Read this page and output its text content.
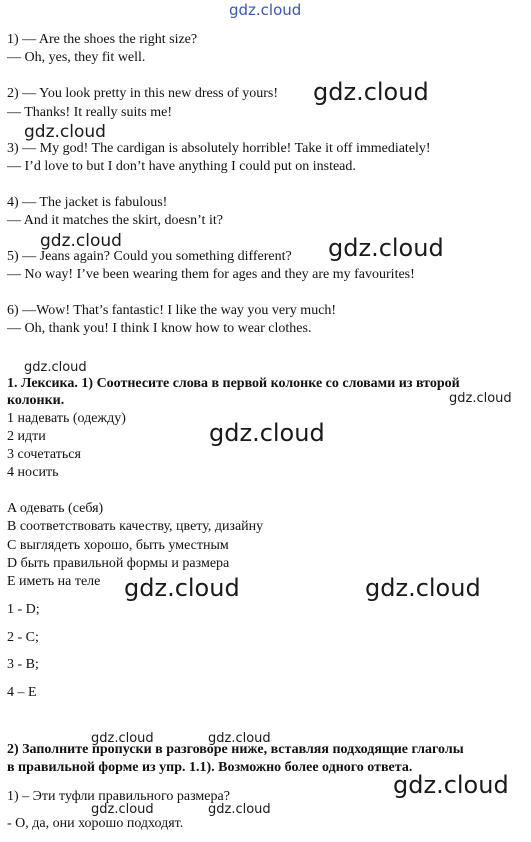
gdz.cloud
1) — Are the shoes the right size?
— Oh, yes, they fit well.
2) — You look pretty in this new dress of yours!
— Thanks! It really suits me!
gdz.cloud
gdz.cloud
3) — My god! The cardigan is absolutely horrible! Take it off immediately!
— I’d love to but I don’t have anything I could put on instead.
4) — The jacket is fabulous!
— And it matches the skirt, doesn’t it?
gdz.cloud
5) — Jeans again? Could you something different?
— No way! I’ve been wearing them for ages and they are my favourites!
gdz.cloud
6) —Wow! That’s fantastic! I like the way you very much!
— Oh, thank you! I think I know how to wear clothes.
gdz.cloud
1. Лексика. 1) Соотнесите слова в первой колонке со словами из второй
колонки.	gdz.cloud
1 надевать (одежду)
2 идти
3 сочетаться
4 носить
gdz.cloud
A одевать (себя)
B соответствовать качеству, цвету, дизайну
C выглядеть хорошо, быть уместным
D быть правильной формы и размера
E иметь на теле gdz.cloud	gdz.cloud
1 - D;
2 - C;
3 - B;
4 – E
gdz.cloud	gdz.cloud
2) Заполните пропуски в разговоре ниже, вставляя подходящие глаголы
в правильной форме из упр. 1.1). Возможно более одного ответа.
gdz.cloud
1) – Эти туфли правильного размера?
gdz.cloud	gdz.cloud
- О, да, они хорошо подходят.
